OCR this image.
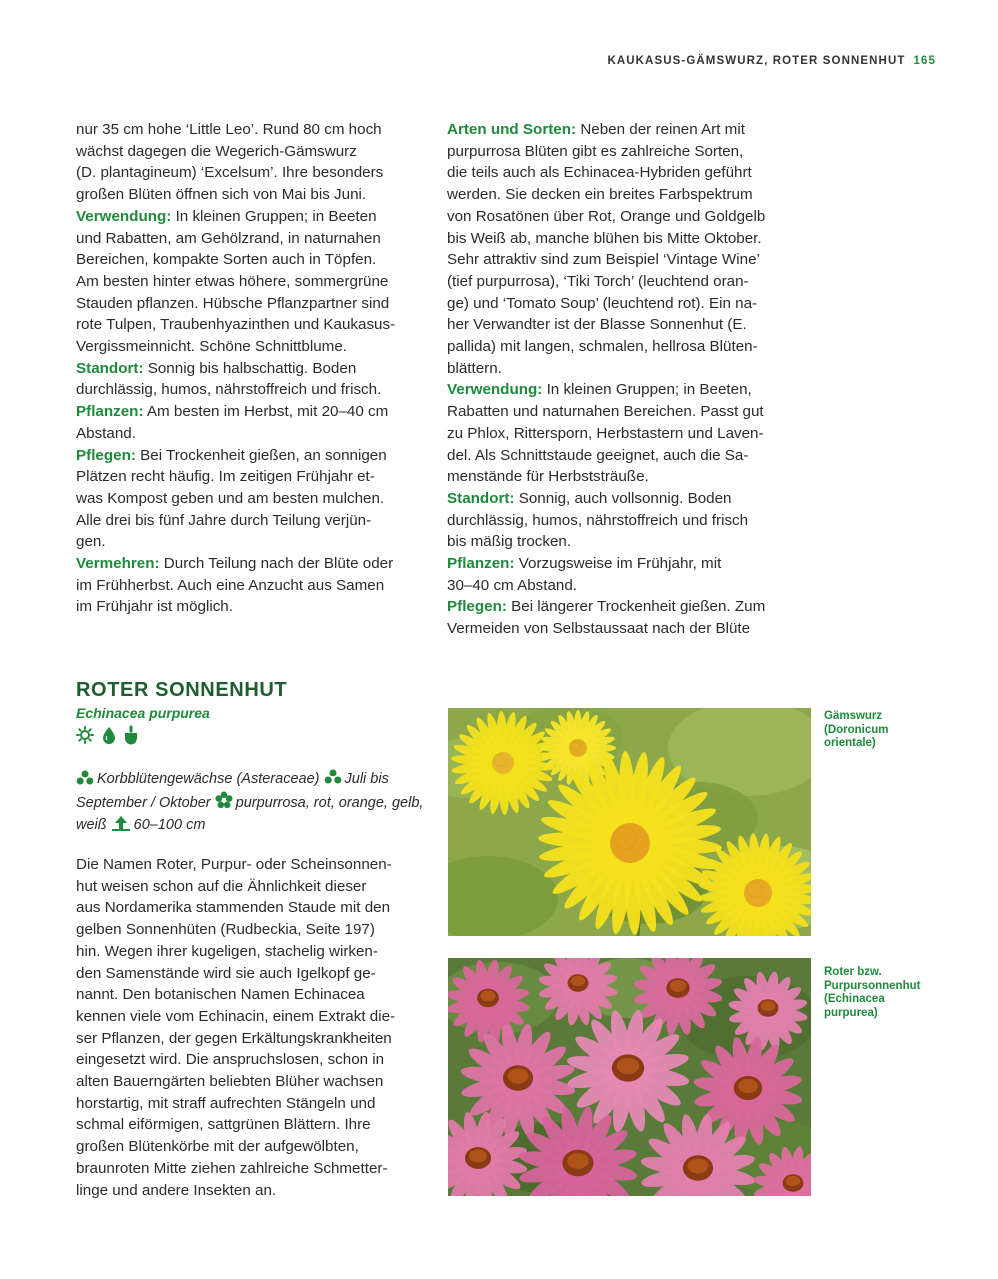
KAUKASUS-GÄMSWURZ, ROTER SONNENHUT 165
nur 35 cm hohe ‘Little Leo’. Rund 80 cm hoch
wächst dagegen die Wegerich-Gämswurz
(D. plantagineum) ‘Excelsum’. Ihre besonders
großen Blüten öffnen sich von Mai bis Juni.
Verwendung: In kleinen Gruppen; in Beeten
und Rabatten, am Gehölzrand, in naturnahen
Bereichen, kompakte Sorten auch in Töpfen.
Am besten hinter etwas höhere, sommergrüne
Stauden pflanzen. Hübsche Pflanzpartner sind
rote Tulpen, Traubenhyazinthen und Kaukasus-
Vergissmeinnicht. Schöne Schnittblume.
Standort: Sonnig bis halbschattig. Boden
durchlässig, humos, nährstoffreich und frisch.
Pflanzen: Am besten im Herbst, mit 20–40 cm
Abstand.
Pflegen: Bei Trockenheit gießen, an sonnigen
Plätzen recht häufig. Im zeitigen Frühjahr et-
was Kompost geben und am besten mulchen.
Alle drei bis fünf Jahre durch Teilung verjün-
gen.
Vermehren: Durch Teilung nach der Blüte oder
im Frühherbst. Auch eine Anzucht aus Samen
im Frühjahr ist möglich.
Arten und Sorten: Neben der reinen Art mit
purpurrosa Blüten gibt es zahlreiche Sorten,
die teils auch als Echinacea-Hybriden geführt
werden. Sie decken ein breites Farbspektrum
von Rosatönen über Rot, Orange und Goldgelb
bis Weiß ab, manche blühen bis Mitte Oktober.
Sehr attraktiv sind zum Beispiel ‘Vintage Wine’
(tief purpurrosa), ‘Tiki Torch’ (leuchtend oran-
ge) und ‘Tomato Soup’ (leuchtend rot). Ein na-
her Verwandter ist der Blasse Sonnenhut (E.
pallida) mit langen, schmalen, hellrosa Blüten-
blättern.
Verwendung: In kleinen Gruppen; in Beeten,
Rabatten und naturnahen Bereichen. Passt gut
zu Phlox, Rittersporn, Herbstastern und Laven-
del. Als Schnittstaude geeignet, auch die Sa-
menstände für Herbststräuße.
Standort: Sonnig, auch vollsonnig. Boden
durchlässig, humos, nährstoffreich und frisch
bis mäßig trocken.
Pflanzen: Vorzugsweise im Frühjahr, mit
30–40 cm Abstand.
Pflegen: Bei längerer Trockenheit gießen. Zum
Vermeiden von Selbstaussaat nach der Blüte
ROTER SONNENHUT
Echinacea purpurea
Korbblütengewächse (Asteraceae) Juli bis September / Oktober purpurrosa, rot, orange, gelb, weiß 60–100 cm
Die Namen Roter, Purpur- oder Scheinsonnen-
hut weisen schon auf die Ähnlichkeit dieser
aus Nordamerika stammenden Staude mit den
gelben Sonnenhüten (Rudbeckia, Seite 197)
hin. Wegen ihrer kugeligen, stachelig wirken-
den Samenstände wird sie auch Igelkopf ge-
nannt. Den botanischen Namen Echinacea
kennen viele vom Echinacin, einem Extrakt die-
ser Pflanzen, der gegen Erkältungskrankheiten
eingesetzt wird. Die anspruchslosen, schon in
alten Bauerngärten beliebten Blüher wachsen
horstartig, mit straff aufrechten Stängeln und
schmal eiförmigen, sattgrünen Blättern. Ihre
großen Blütenkörbe mit der aufgewölbten,
braunroten Mitte ziehen zahlreiche Schmetter-
linge und andere Insekten an.
Gämswurz
(Doronicum
orientale)
Roter bzw.
Purpursonnenhut
(Echinacea
purpurea)
